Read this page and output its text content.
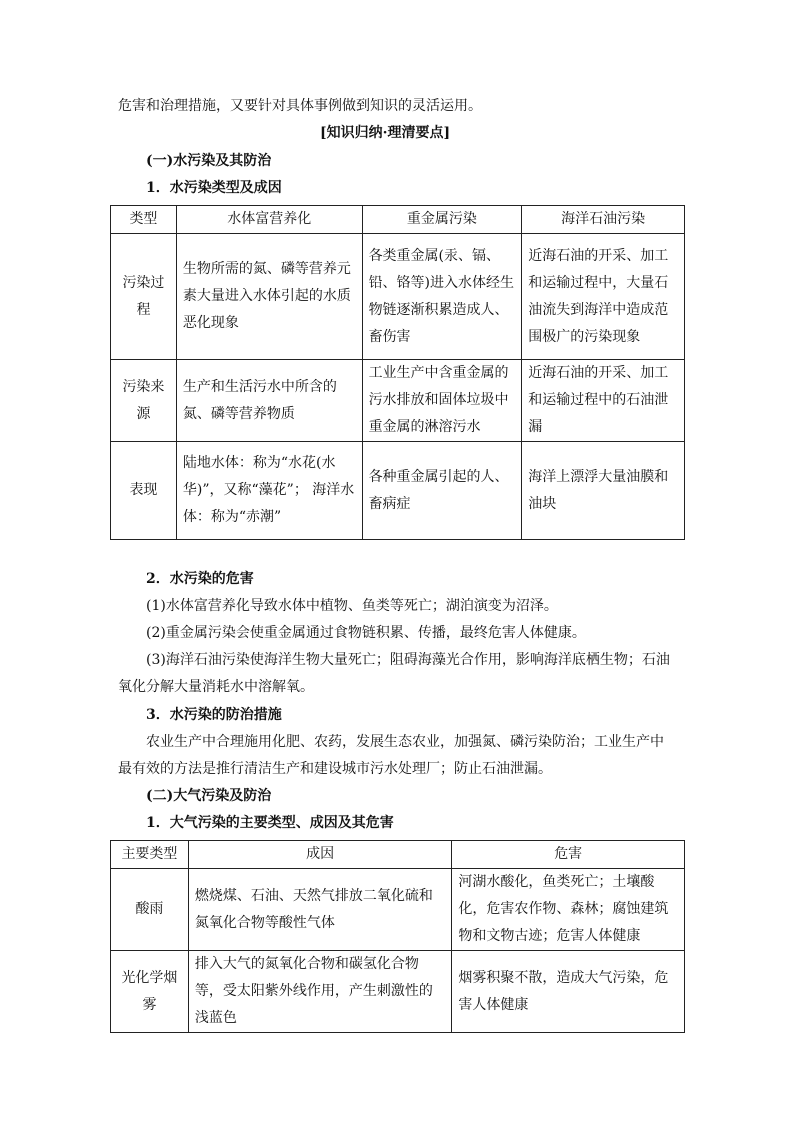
危害和治理措施，又要针对具体事例做到知识的灵活运用。
[知识归纳·理清要点]
(一)水污染及其防治
1．水污染类型及成因
类型	水体富营养化	重金属污染	海洋石油污染
污染过程	生物所需的氮、磷等营养元素大量进入水体引起的水质恶化现象	各类重金属(汞、镉、铅、铬等)进入水体经生物链逐渐积累造成人、畜伤害	近海石油的开采、加工和运输过程中，大量石油流失到海洋中造成范围极广的污染现象
污染来源	生产和生活污水中所含的氮、磷等营养物质	工业生产中含重金属的污水排放和固体垃圾中重金属的淋溶污水	近海石油的开采、加工和运输过程中的石油泄漏
表现	陆地水体：称为“水花(水华)”，又称“藻花”； 海洋水体：称为“赤潮”	各种重金属引起的人、畜病症	海洋上漂浮大量油膜和油块
2．水污染的危害
(1)水体富营养化导致水体中植物、鱼类等死亡；湖泊演变为沼泽。
(2)重金属污染会使重金属通过食物链积累、传播，最终危害人体健康。
(3)海洋石油污染使海洋生物大量死亡；阻碍海藻光合作用，影响海洋底栖生物；石油
氧化分解大量消耗水中溶解氧。
3．水污染的防治措施
农业生产中合理施用化肥、农药，发展生态农业，加强氮、磷污染防治；工业生产中
最有效的方法是推行清洁生产和建设城市污水处理厂；防止石油泄漏。
(二)大气污染及防治
1．大气污染的主要类型、成因及其危害
主要类型	成因	危害
酸雨	燃烧煤、石油、天然气排放二氧化硫和氮氧化合物等酸性气体	河湖水酸化，鱼类死亡；土壤酸化，危害农作物、森林；腐蚀建筑物和文物古迹；危害人体健康
光化学烟雾	排入大气的氮氧化合物和碳氢化合物等，受太阳紫外线作用，产生刺激性的浅蓝色	烟雾积聚不散，造成大气污染，危害人体健康
